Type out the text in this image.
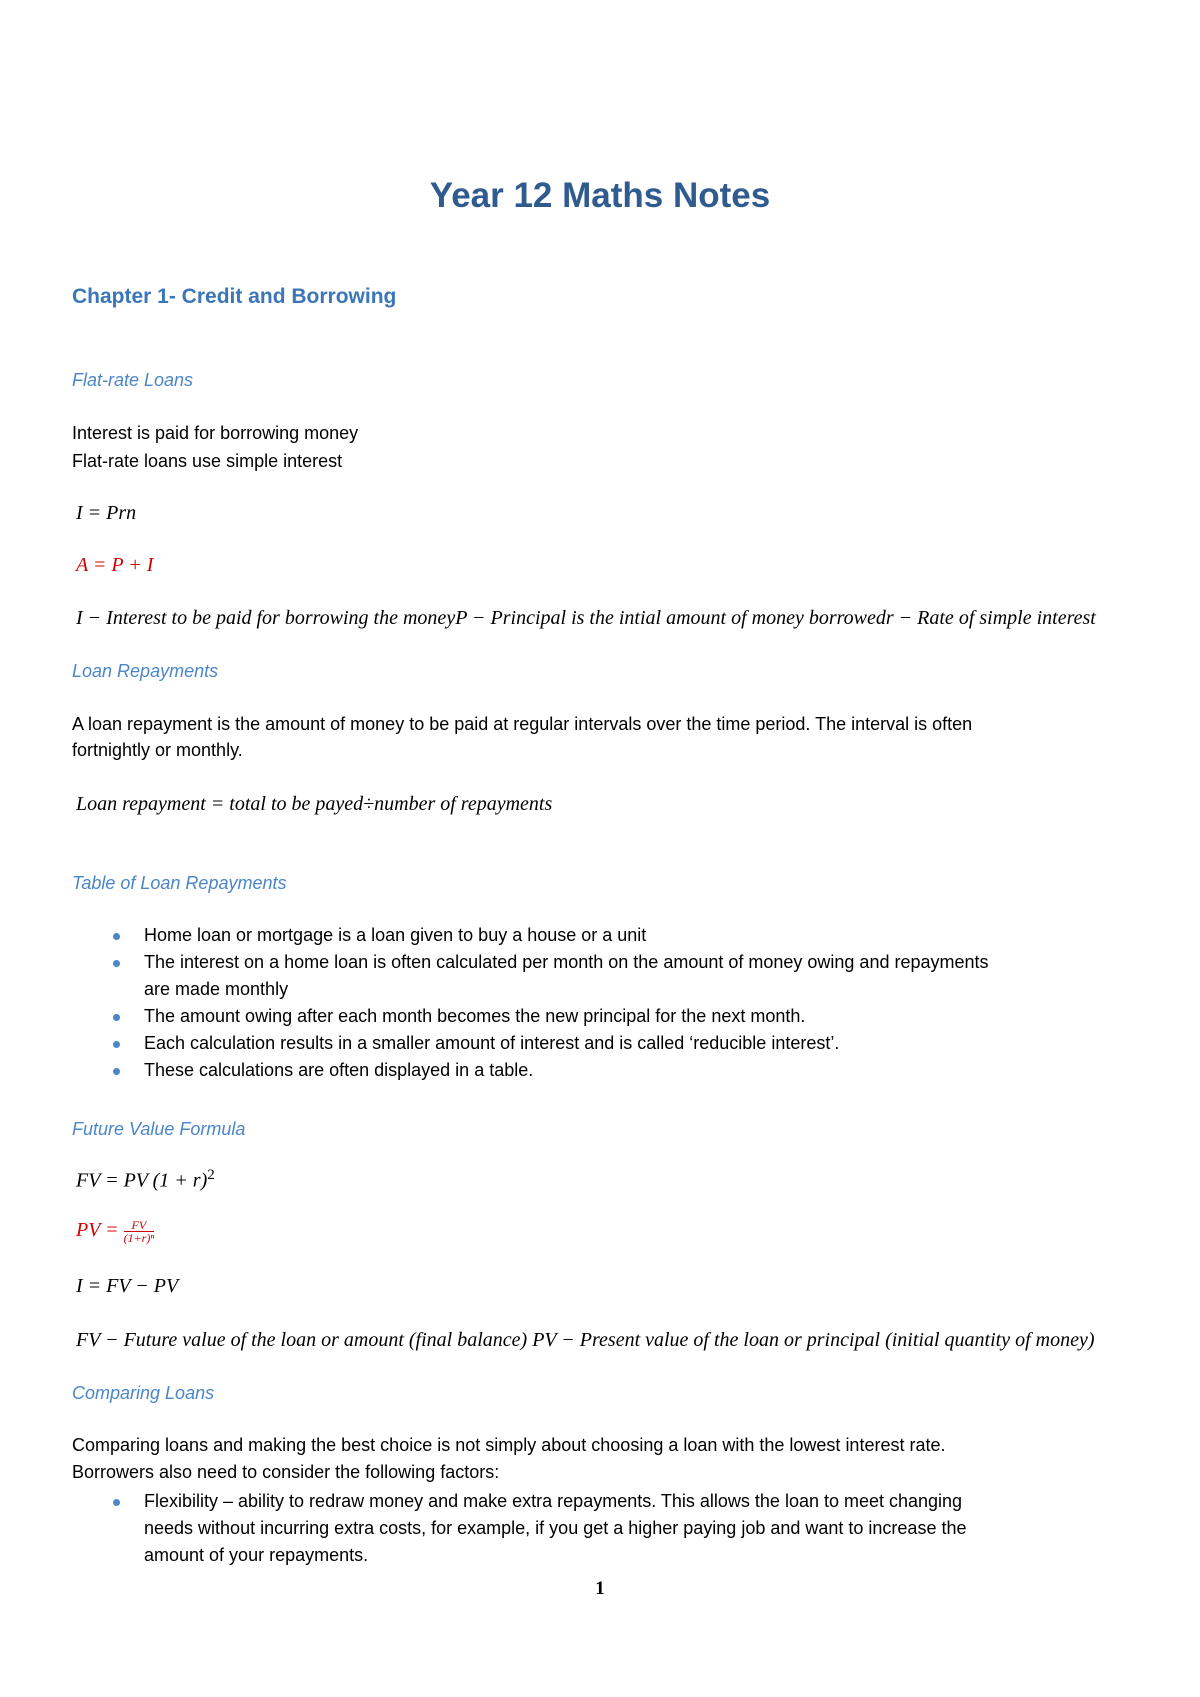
Year 12 Maths Notes
Chapter 1- Credit and Borrowing
Flat-rate Loans
Interest is paid for borrowing money
Flat-rate loans use simple interest
I = Prn
A = P + I
I − Interest to be paid for borrowing the moneyP − Principal is the intial amount of money borrowedr − Rate of simple interest
Loan Repayments
A loan repayment is the amount of money to be paid at regular intervals over the time period. The interval is often
fortnightly or monthly.
Loan repayment = total to be payed÷number of repayments
Table of Loan Repayments
Home loan or mortgage is a loan given to buy a house or a unit
The interest on a home loan is often calculated per month on the amount of money owing and repayments
are made monthly
The amount owing after each month becomes the new principal for the next month.
Each calculation results in a smaller amount of interest and is called ‘reducible interest’.
These calculations are often displayed in a table.
Future Value Formula
FV = PV $(1 + r)^2$
PV = $\frac{FV}{\text{(1+r)ⁿ}}$
I = FV − PV
FV − Future value of the loan or amount (final balance) PV − Present value of the loan or principal (initial quantity of money)
Comparing Loans
Comparing loans and making the best choice is not simply about choosing a loan with the lowest interest rate.
Borrowers also need to consider the following factors:
Flexibility – ability to redraw money and make extra repayments. This allows the loan to meet changing
needs without incurring extra costs, for example, if you get a higher paying job and want to increase the
amount of your repayments.
1
